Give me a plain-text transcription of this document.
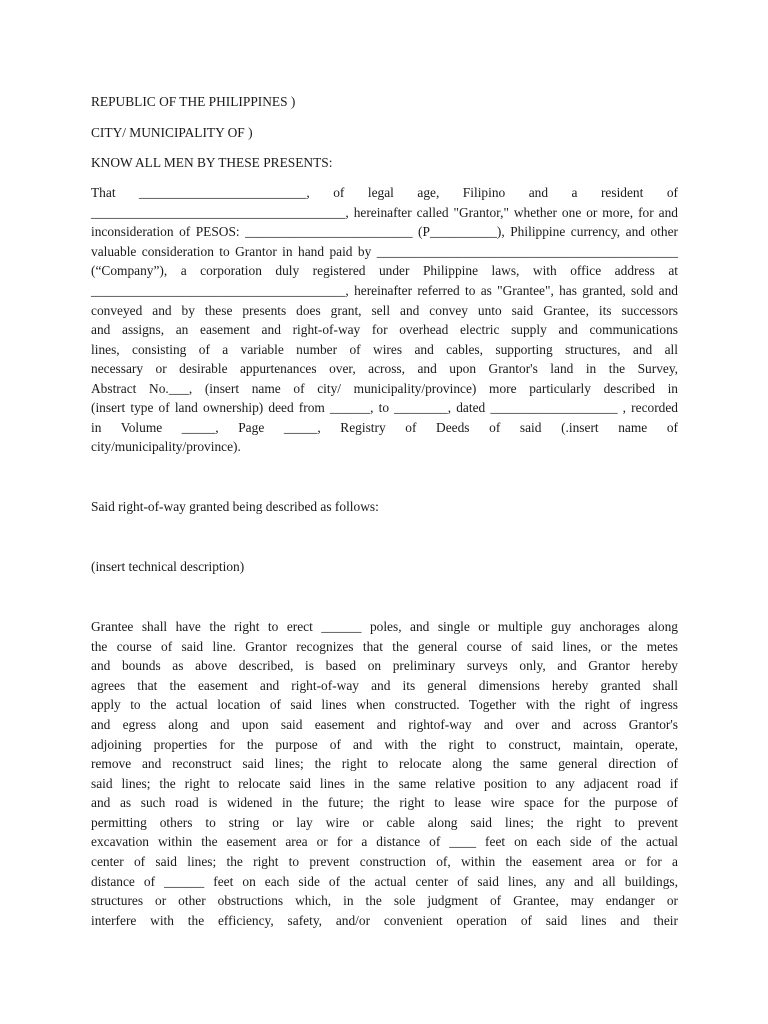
REPUBLIC OF THE PHILIPPINES )
CITY/ MUNICIPALITY OF )
KNOW ALL MEN BY THESE PRESENTS:
That _________________________, of legal age, Filipino and a resident of
______________________________________, hereinafter called "Grantor," whether one or more, for and
inconsideration of PESOS: _________________________ (P__________), Philippine currency, and other
valuable consideration to Grantor in hand paid by _____________________________________________
(“Company”), a corporation duly registered under Philippine laws, with office address at
______________________________________, hereinafter referred to as "Grantee", has granted, sold and
conveyed and by these presents does grant, sell and convey unto said Grantee, its successors
and assigns, an easement and right-of-way for overhead electric supply and communications
lines, consisting of a variable number of wires and cables, supporting structures, and all
necessary or desirable appurtenances over, across, and upon Grantor's land in the Survey,
Abstract No.___, (insert name of city/ municipality/province) more particularly described in
(insert type of land ownership) deed from ______, to ________, dated ___________________ , recorded
in Volume _____, Page _____, Registry of Deeds of said (.insert name of
city/municipality/province).
Said right-of-way granted being described as follows:
(insert technical description)
Grantee shall have the right to erect ______ poles, and single or multiple guy anchorages along
the course of said line. Grantor recognizes that the general course of said lines, or the metes
and bounds as above described, is based on preliminary surveys only, and Grantor hereby
agrees that the easement and right-of-way and its general dimensions hereby granted shall
apply to the actual location of said lines when constructed. Together with the right of ingress
and egress along and upon said easement and rightof-way and over and across Grantor's
adjoining properties for the purpose of and with the right to construct, maintain, operate,
remove and reconstruct said lines; the right to relocate along the same general direction of
said lines; the right to relocate said lines in the same relative position to any adjacent road if
and as such road is widened in the future; the right to lease wire space for the purpose of
permitting others to string or lay wire or cable along said lines; the right to prevent
excavation within the easement area or for a distance of ____ feet on each side of the actual
center of said lines; the right to prevent construction of, within the easement area or for a
distance of ______ feet on each side of the actual center of said lines, any and all buildings,
structures or other obstructions which, in the sole judgment of Grantee, may endanger or
interfere with the efficiency, safety, and/or convenient operation of said lines and their
